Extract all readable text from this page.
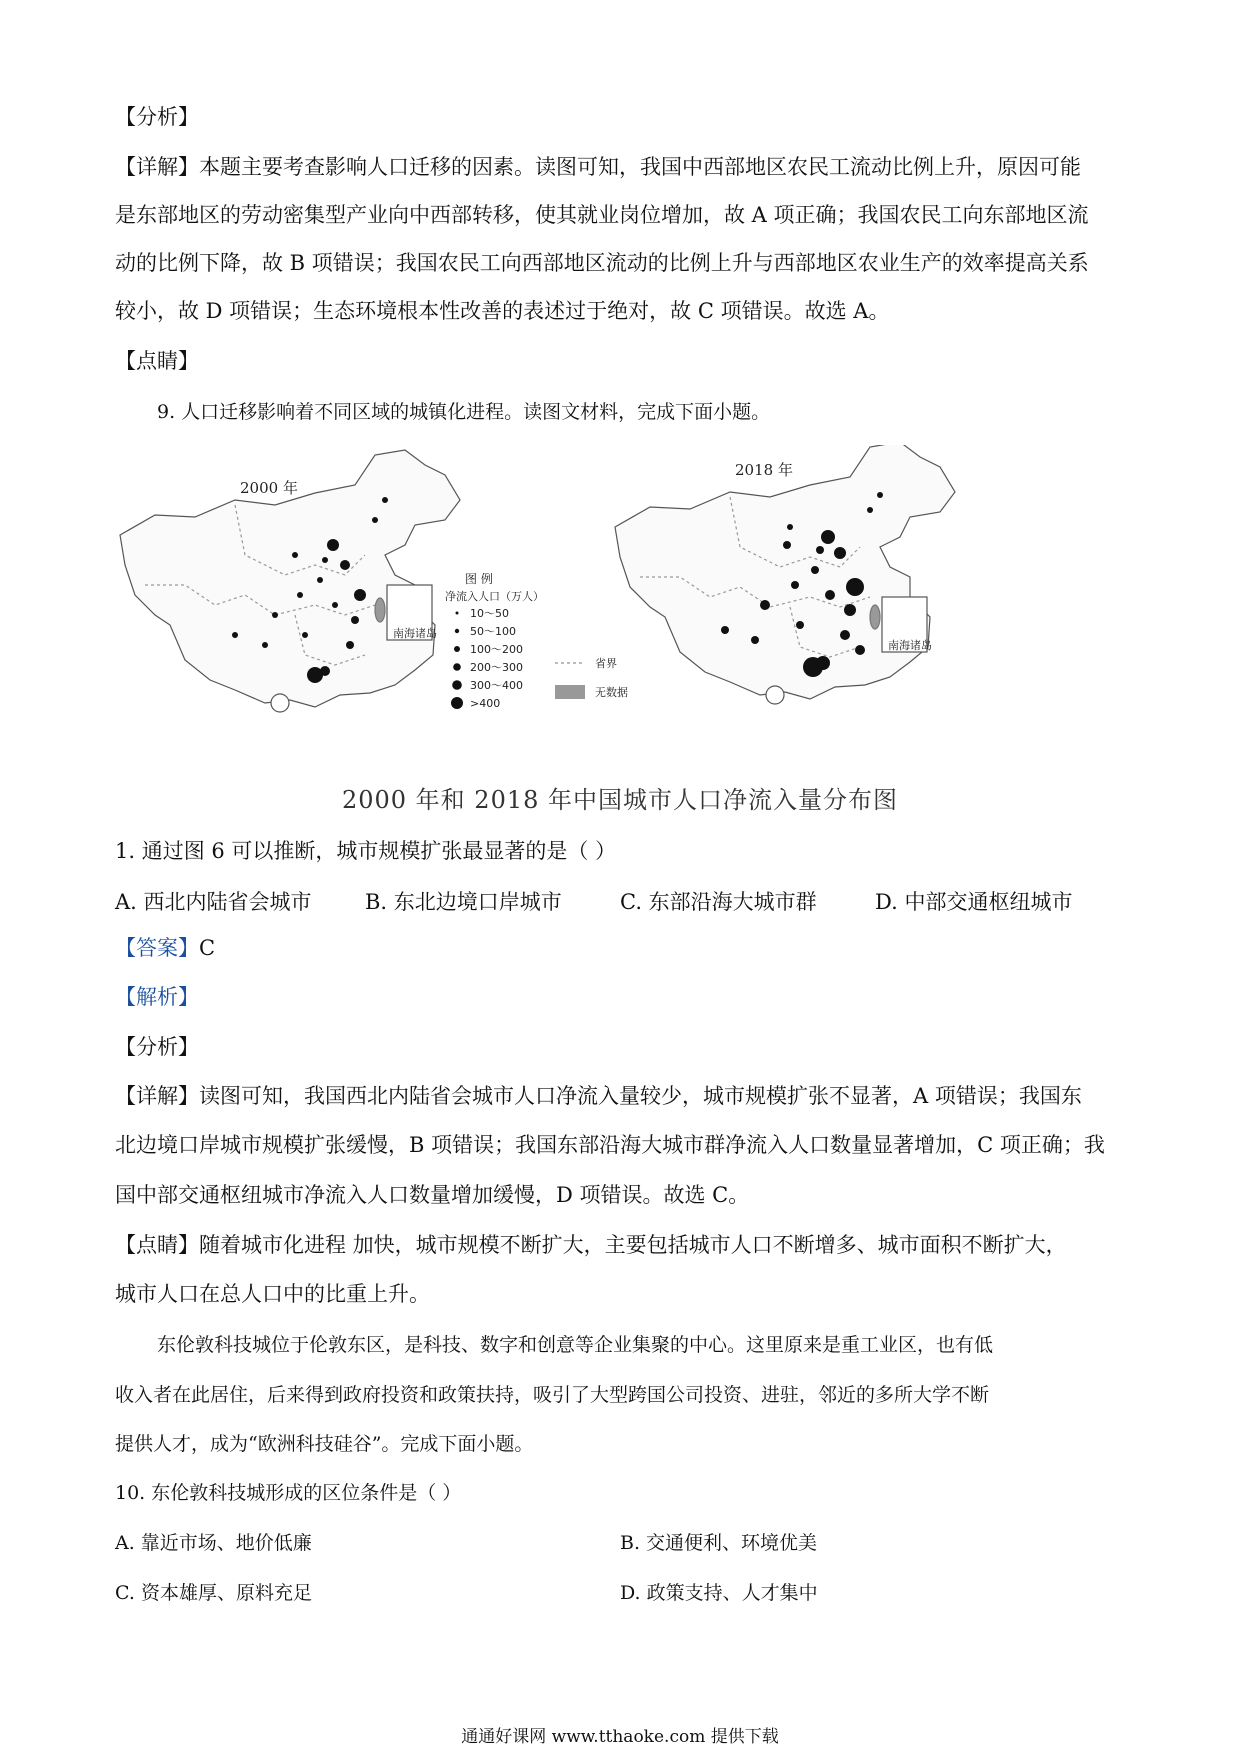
【分析】
【详解】本题主要考查影响人口迁移的因素。读图可知，我国中西部地区农民工流动比例上升，原因可能
是东部地区的劳动密集型产业向中西部转移，使其就业岗位增加，故 A 项正确；我国农民工向东部地区流
动的比例下降，故 B 项错误；我国农民工向西部地区流动的比例上升与西部地区农业生产的效率提高关系
较小，故 D 项错误；生态环境根本性改善的表述过于绝对，故 C 项错误。故选 A。
【点睛】
9. 人口迁移影响着不同区域的城镇化进程。读图文材料，完成下面小题。
2000 年
南海诸岛
图 例
净流入人口（万人）
10～50
50～100
100～200
200～300
300～400
>400
省界
无数据
2018 年
南海诸岛
2000 年和 2018 年中国城市人口净流入量分布图
1. 通过图 6 可以推断，城市规模扩张最显著的是（ ）
A. 西北内陆省会城市	B. 东北边境口岸城市	C. 东部沿海大城市群	D. 中部交通枢纽城市
【答案】C
【解析】
【分析】
【详解】读图可知，我国西北内陆省会城市人口净流入量较少，城市规模扩张不显著，A 项错误；我国东
北边境口岸城市规模扩张缓慢，B 项错误；我国东部沿海大城市群净流入人口数量显著增加，C 项正确；我
国中部交通枢纽城市净流入人口数量增加缓慢，D 项错误。故选 C。
【点睛】随着城市化进程 加快，城市规模不断扩大，主要包括城市人口不断增多、城市面积不断扩大，
城市人口在总人口中的比重上升。
东伦敦科技城位于伦敦东区，是科技、数字和创意等企业集聚的中心。这里原来是重工业区，也有低
收入者在此居住，后来得到政府投资和政策扶持，吸引了大型跨国公司投资、进驻，邻近的多所大学不断
提供人才，成为“欧洲科技硅谷”。完成下面小题。
10. 东伦敦科技城形成的区位条件是（ ）
A. 靠近市场、地价低廉	B. 交通便利、环境优美
C. 资本雄厚、原料充足	D. 政策支持、人才集中
通通好课网 www.tthaoke.com 提供下载
